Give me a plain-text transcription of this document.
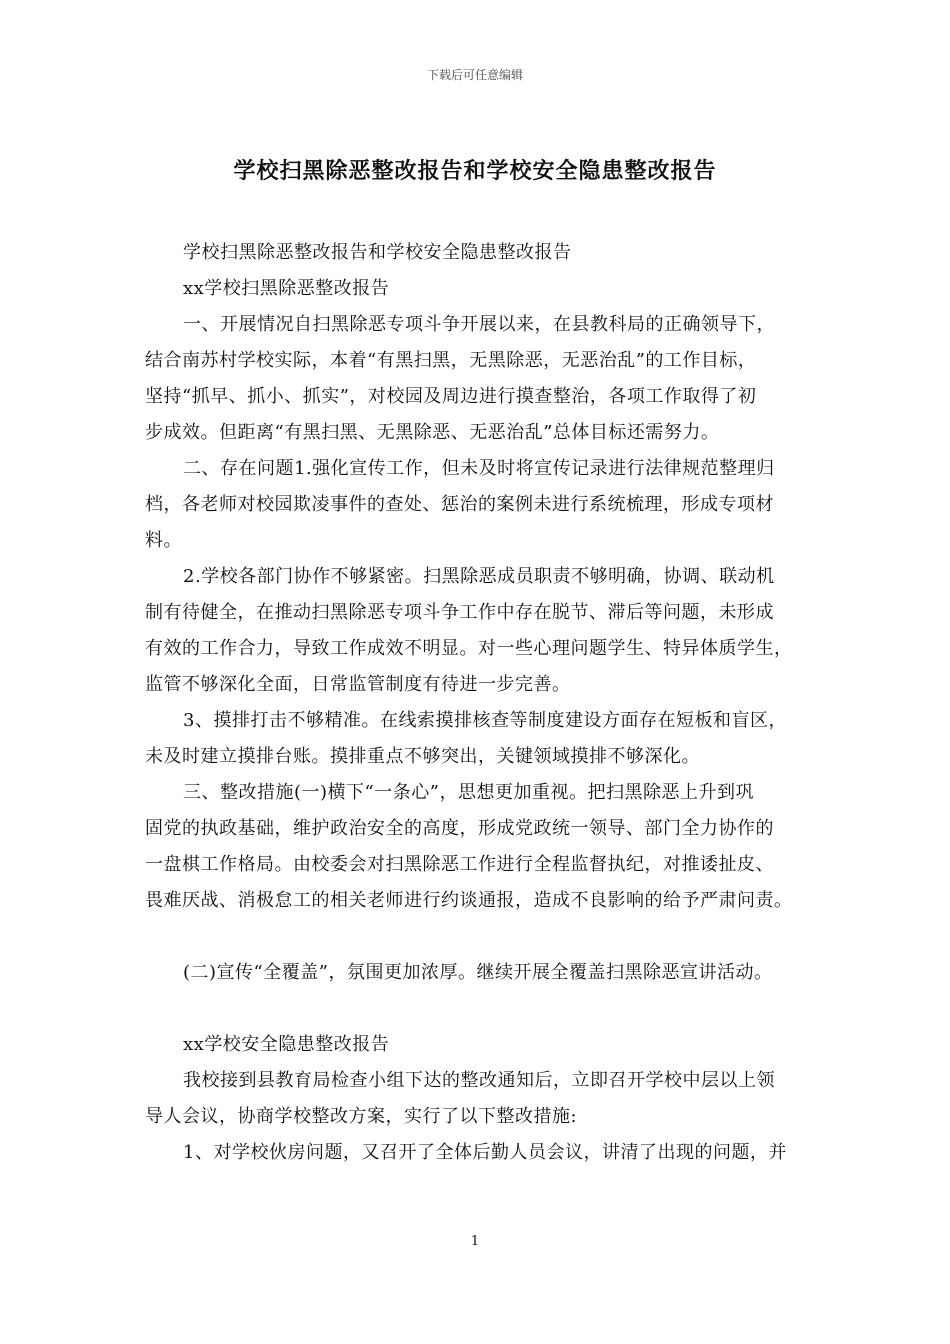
下载后可任意编辑
学校扫黑除恶整改报告和学校安全隐患整改报告
学校扫黑除恶整改报告和学校安全隐患整改报告
xx学校扫黑除恶整改报告
一、开展情况自扫黑除恶专项斗争开展以来，在县教科局的正确领导下，
结合南苏村学校实际，本着“有黑扫黑，无黑除恶，无恶治乱”的工作目标，
坚持“抓早、抓小、抓实”，对校园及周边进行摸查整治，各项工作取得了初
步成效。但距离“有黑扫黑、无黑除恶、无恶治乱”总体目标还需努力。
二、存在问题1.强化宣传工作，但未及时将宣传记录进行法律规范整理归
档，各老师对校园欺凌事件的查处、惩治的案例未进行系统梳理，形成专项材
料。
2.学校各部门协作不够紧密。扫黑除恶成员职责不够明确，协调、联动机
制有待健全，在推动扫黑除恶专项斗争工作中存在脱节、滞后等问题，未形成
有效的工作合力，导致工作成效不明显。对一些心理问题学生、特异体质学生，
监管不够深化全面，日常监管制度有待进一步完善。
3、摸排打击不够精准。在线索摸排核查等制度建设方面存在短板和盲区，
未及时建立摸排台账。摸排重点不够突出，关键领域摸排不够深化。
三、整改措施(一)横下“一条心”，思想更加重视。把扫黑除恶上升到巩
固党的执政基础，维护政治安全的高度，形成党政统一领导、部门全力协作的
一盘棋工作格局。由校委会对扫黑除恶工作进行全程监督执纪，对推诿扯皮、
畏难厌战、消极怠工的相关老师进行约谈通报，造成不良影响的给予严肃问责。
(二)宣传“全覆盖”，氛围更加浓厚。继续开展全覆盖扫黑除恶宣讲活动。
xx学校安全隐患整改报告
我校接到县教育局检查小组下达的整改通知后，立即召开学校中层以上领
导人会议，协商学校整改方案，实行了以下整改措施:
1、对学校伙房问题，又召开了全体后勤人员会议，讲清了出现的问题，并
1
